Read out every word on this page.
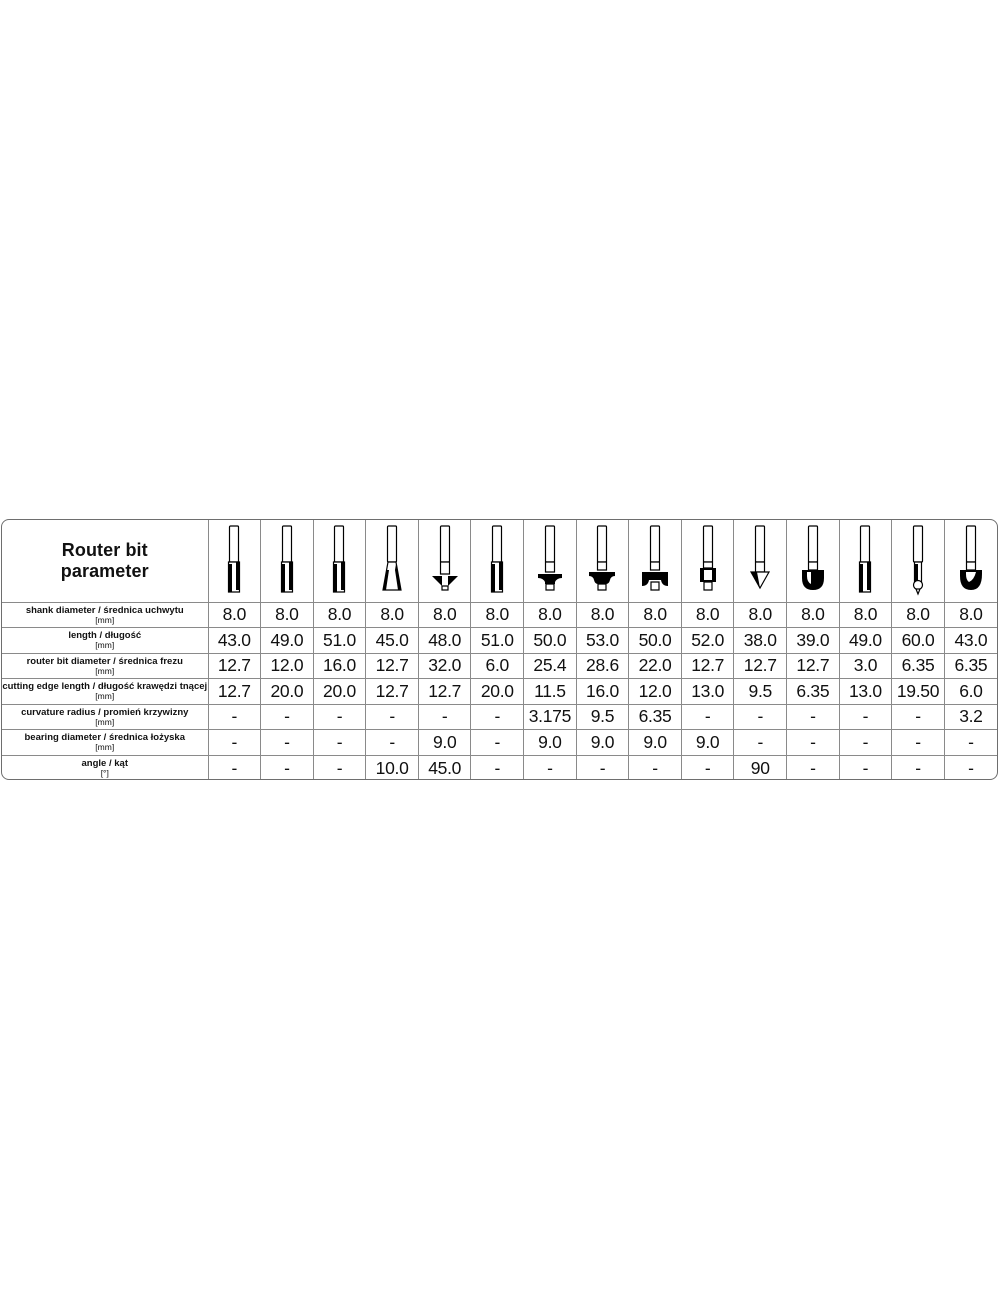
Router bit
parameter

shank diameter / średnica uchwytu
[mm]	8.0	8.0	8.0	8.0	8.0	8.0	8.0	8.0	8.0	8.0	8.0	8.0	8.0	8.0	8.0

length / długość
[mm]	43.0	49.0	51.0	45.0	48.0	51.0	50.0	53.0	50.0	52.0	38.0	39.0	49.0	60.0	43.0

router bit diameter / średnica frezu
[mm]	12.7	12.0	16.0	12.7	32.0	6.0	25.4	28.6	22.0	12.7	12.7	12.7	3.0	6.35	6.35

cutting edge length / długość krawędzi tnącej
[mm]	12.7	20.0	20.0	12.7	12.7	20.0	11.5	16.0	12.0	13.0	9.5	6.35	13.0	19.50	6.0

curvature radius / promień krzywizny
[mm]	-	-	-	-	-	-	3.175	9.5	6.35	-	-	-	-	-	3.2

bearing diameter / średnica łożyska
[mm]	-	-	-	-	9.0	-	9.0	9.0	9.0	9.0	-	-	-	-	-

angle / kąt
[°]	-	-	-	10.0	45.0	-	-	-	-	-	90	-	-	-	-
